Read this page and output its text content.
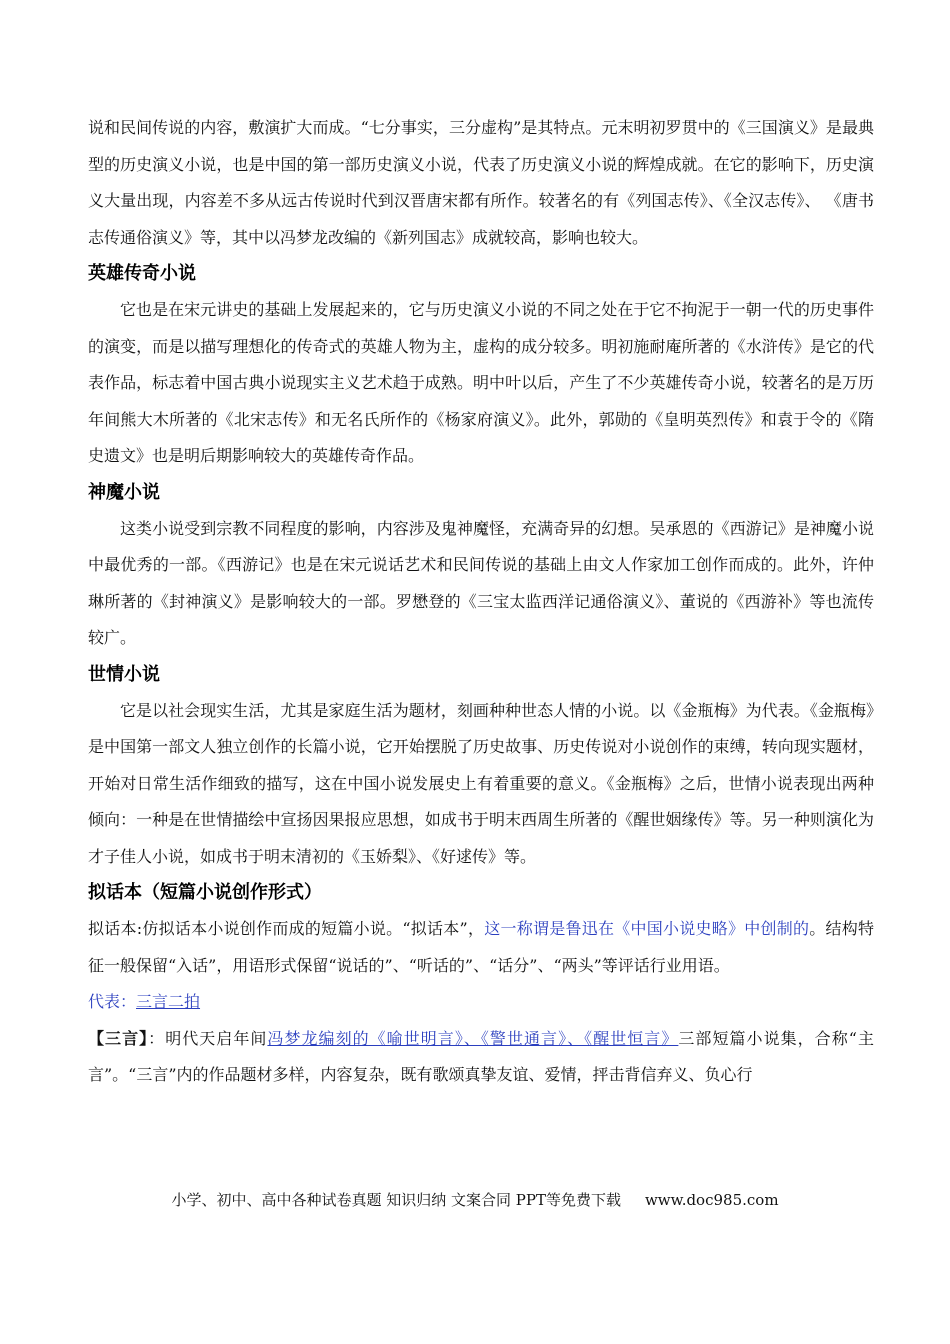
说和民间传说的内容，敷演扩大而成。“七分事实，三分虚构”是其特点。元末明初罗贯中的《三国演义》是最典型的历史演义小说，也是中国的第一部历史演义小说，代表了历史演义小说的辉煌成就。在它的影响下，历史演义大量出现，内容差不多从远古传说时代到汉晋唐宋都有所作。较著名的有《列国志传》、《全汉志传》、 《唐书志传通俗演义》等，其中以冯梦龙改编的《新列国志》成就较高，影响也较大。

英雄传奇小说

它也是在宋元讲史的基础上发展起来的，它与历史演义小说的不同之处在于它不拘泥于一朝一代的历史事件的演变，而是以描写理想化的传奇式的英雄人物为主，虚构的成分较多。明初施耐庵所著的《水浒传》是它的代表作品，标志着中国古典小说现实主义艺术趋于成熟。明中叶以后，产生了不少英雄传奇小说，较著名的是万历年间熊大木所著的《北宋志传》和无名氏所作的《杨家府演义》。此外，郭勋的《皇明英烈传》和袁于令的《隋史遗文》也是明后期影响较大的英雄传奇作品。

神魔小说

这类小说受到宗教不同程度的影响，内容涉及鬼神魔怪，充满奇异的幻想。吴承恩的《西游记》是神魔小说中最优秀的一部。《西游记》也是在宋元说话艺术和民间传说的基础上由文人作家加工创作而成的。此外，许仲琳所著的《封神演义》是影响较大的一部。罗懋登的《三宝太监西洋记通俗演义》、董说的《西游补》等也流传较广。

世情小说

它是以社会现实生活，尤其是家庭生活为题材，刻画种种世态人情的小说。以《金瓶梅》为代表。《金瓶梅》是中国第一部文人独立创作的长篇小说，它开始摆脱了历史故事、历史传说对小说创作的束缚，转向现实题材，开始对日常生活作细致的描写，这在中国小说发展史上有着重要的意义。《金瓶梅》之后，世情小说表现出两种倾向：一种是在世情描绘中宣扬因果报应思想，如成书于明末西周生所著的《醒世姻缘传》等。另一种则演化为才子佳人小说，如成书于明末清初的《玉娇梨》、《好逑传》等。

拟话本（短篇小说创作形式）

拟话本:仿拟话本小说创作而成的短篇小说。“拟话本”，这一称谓是鲁迅在《中国小说史略》中创制的。结构特征一般保留“入话”，用语形式保留“说话的”、“听话的”、“话分”、“两头”等评话行业用语。

代表：三言二拍

【三言】：明代天启年间冯梦龙编刻的《喻世明言》、《警世通言》、《醒世恒言》三部短篇小说集，合称“主言”。“三言”内的作品题材多样，内容复杂，既有歌颂真挚友谊、爱情，抨击背信弃义、负心行

小学、初中、高中各种试卷真题 知识归纳 文案合同 PPT等免费下载 www.doc985.com
